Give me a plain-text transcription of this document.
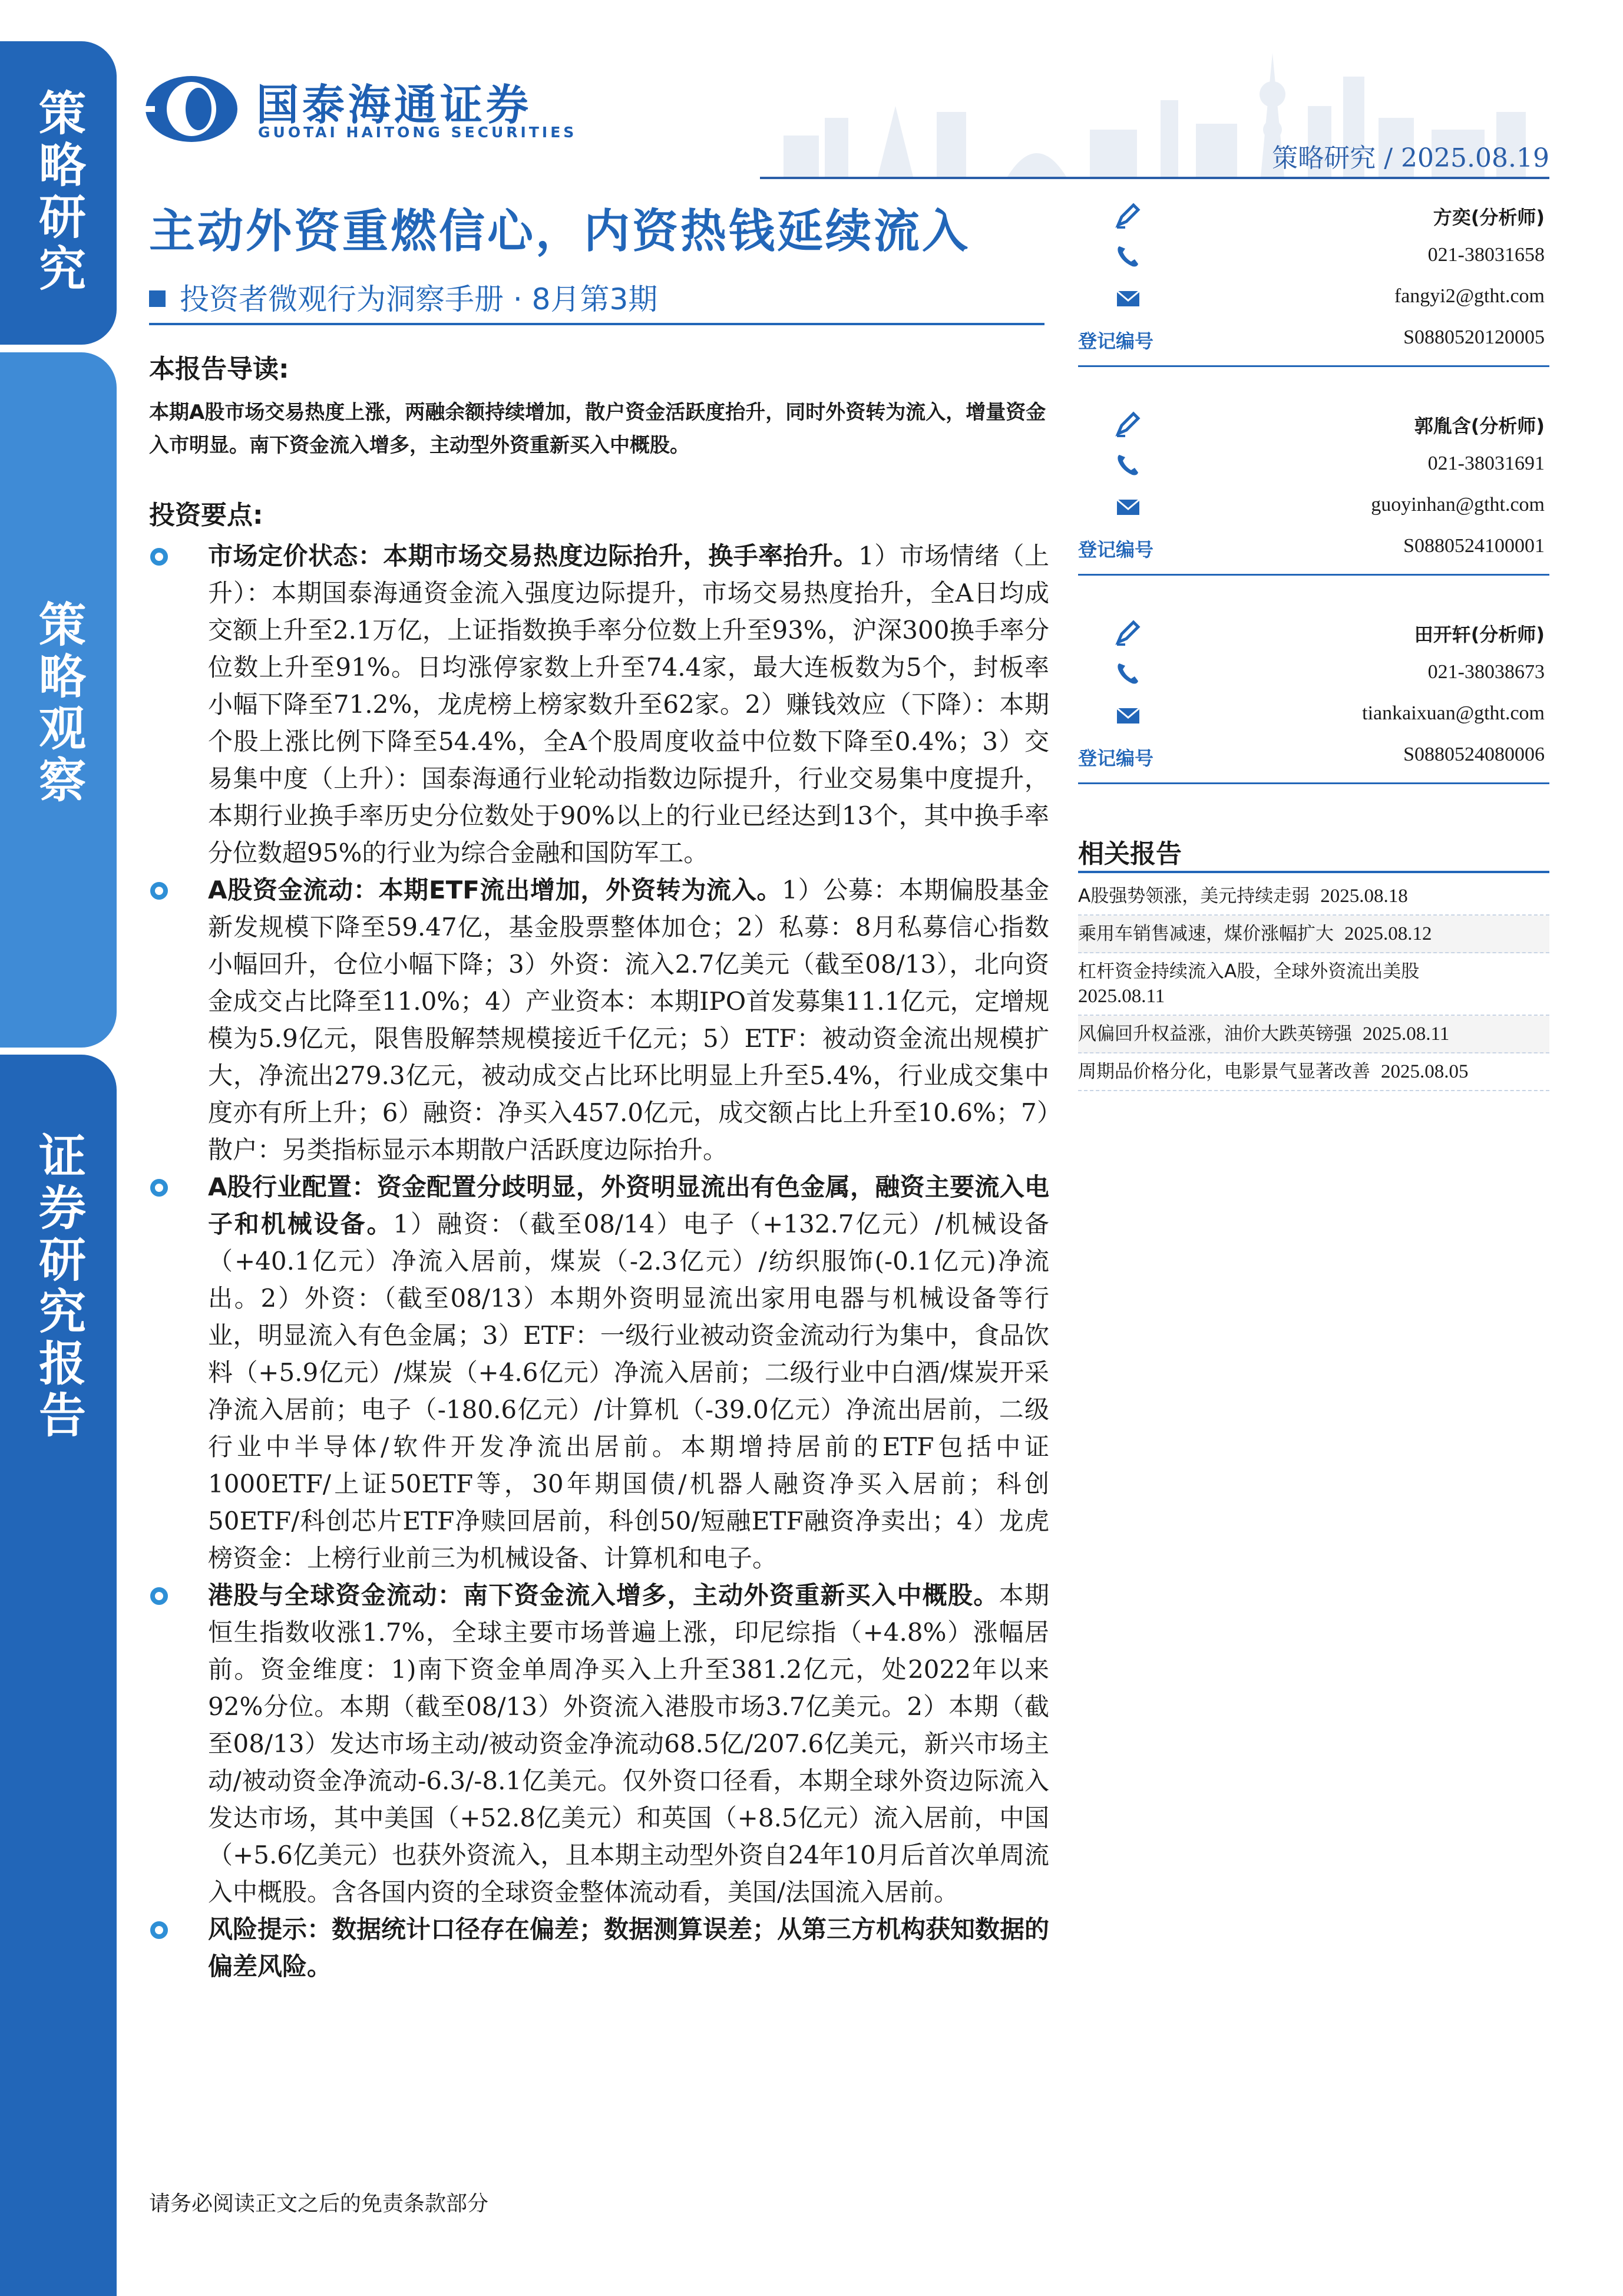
策略研究
策略观察
证券研究报告
国泰海通证券
GUOTAI HAITONG SECURITIES
策略研究 / 2025.08.19
主动外资重燃信心，内资热钱延续流入
投资者微观行为洞察手册 · 8月第3期
本报告导读:
本期A股市场交易热度上涨，两融余额持续增加，散户资金活跃度抬升，同时外资转为流入，增量资金入市明显。南下资金流入增多，主动型外资重新买入中概股。
投资要点:

市场定价状态：本期市场交易热度边际抬升，换手率抬升。1）市场情绪（上升）：本期国泰海通资金流入强度边际提升，市场交易热度抬升，全A日均成交额上升至2.1万亿，上证指数换手率分位数上升至93%，沪深300换手率分位数上升至91%。日均涨停家数上升至74.4家，最大连板数为5个，封板率小幅下降至71.2%，龙虎榜上榜家数升至62家。2）赚钱效应（下降）：本期个股上涨比例下降至54.4%，全A个股周度收益中位数下降至0.4%；3）交易集中度（上升）：国泰海通行业轮动指数边际提升，行业交易集中度提升，本期行业换手率历史分位数处于90%以上的行业已经达到13个，其中换手率分位数超95%的行业为综合金融和国防军工。

A股资金流动：本期ETF流出增加，外资转为流入。1）公募：本期偏股基金新发规模下降至59.47亿，基金股票整体加仓；2）私募：8月私募信心指数小幅回升，仓位小幅下降；3）外资：流入2.7亿美元（截至08/13），北向资金成交占比降至11.0%；4）产业资本：本期IPO首发募集11.1亿元，定增规模为5.9亿元，限售股解禁规模接近千亿元；5）ETF：被动资金流出规模扩大，净流出279.3亿元，被动成交占比环比明显上升至5.4%，行业成交集中度亦有所上升；6）融资：净买入457.0亿元，成交额占比上升至10.6%；7）散户：另类指标显示本期散户活跃度边际抬升。

A股行业配置：资金配置分歧明显，外资明显流出有色金属，融资主要流入电子和机械设备。1）融资：（截至08/14）电子（+132.7亿元）/机械设备（+40.1亿元）净流入居前，煤炭（-2.3亿元）/纺织服饰(-0.1亿元)净流出。2）外资：（截至08/13）本期外资明显流出家用电器与机械设备等行业，明显流入有色金属；3）ETF：一级行业被动资金流动行为集中，食品饮料（+5.9亿元）/煤炭（+4.6亿元）净流入居前；二级行业中白酒/煤炭开采净流入居前；电子（-180.6亿元）/计算机（-39.0亿元）净流出居前，二级行业中半导体/软件开发净流出居前。本期增持居前的ETF包括中证1000ETF/上证50ETF等，30年期国债/机器人融资净买入居前；科创50ETF/科创芯片ETF净赎回居前，科创50/短融ETF融资净卖出；4）龙虎榜资金：上榜行业前三为机械设备、计算机和电子。

港股与全球资金流动：南下资金流入增多，主动外资重新买入中概股。本期恒生指数收涨1.7%，全球主要市场普遍上涨，印尼综指（+4.8%）涨幅居前。资金维度：1)南下资金单周净买入上升至381.2亿元，处2022年以来92%分位。本期（截至08/13）外资流入港股市场3.7亿美元。2）本期（截至08/13）发达市场主动/被动资金净流动68.5亿/207.6亿美元，新兴市场主动/被动资金净流动-6.3/-8.1亿美元。仅外资口径看，本期全球外资边际流入发达市场，其中美国（+52.8亿美元）和英国（+8.5亿元）流入居前，中国（+5.6亿美元）也获外资流入，且本期主动型外资自24年10月后首次单周流入中概股。含各国内资的全球资金整体流动看，美国/法国流入居前。

风险提示：数据统计口径存在偏差；数据测算误差；从第三方机构获知数据的偏差风险。

方奕(分析师)
021-38031658
fangyi2@gtht.com
登记编号	S0880520120005
郭胤含(分析师)
021-38031691
guoyinhan@gtht.com
登记编号	S0880524100001
田开轩(分析师)
021-38038673
tiankaixuan@gtht.com
登记编号	S0880524080006
相关报告
A股强势领涨，美元持续走弱 2025.08.18
乘用车销售减速，煤价涨幅扩大 2025.08.12
杠杆资金持续流入A股，全球外资流出美股
2025.08.11
风偏回升权益涨，油价大跌英镑强 2025.08.11
周期品价格分化，电影景气显著改善 2025.08.05
请务必阅读正文之后的免责条款部分
